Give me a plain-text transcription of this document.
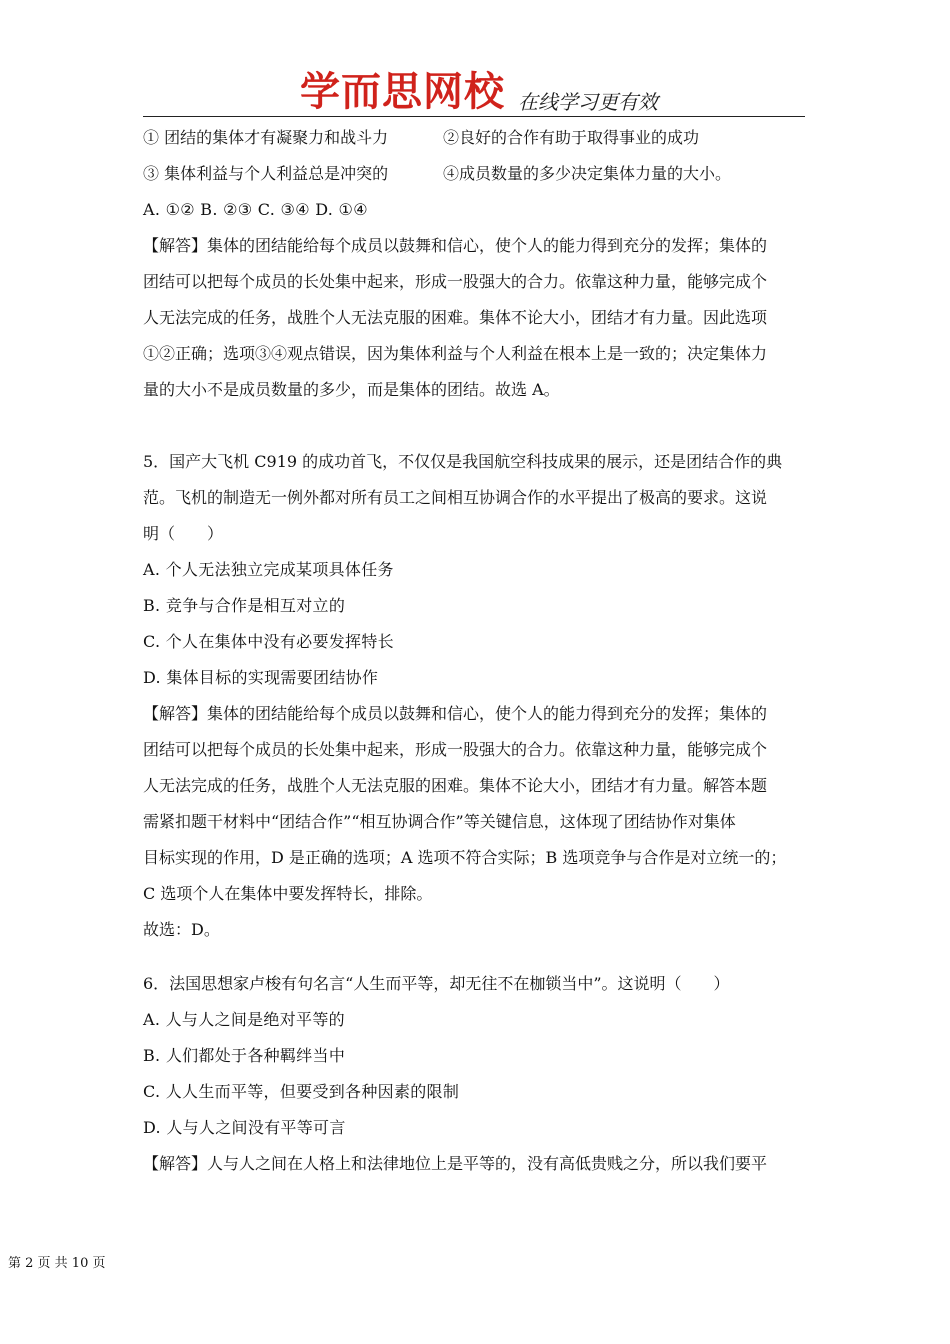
学而思网校 在线学习更有效
① 团结的集体才有凝聚力和战斗力	②良好的合作有助于取得事业的成功
③ 集体利益与个人利益总是冲突的	④成员数量的多少决定集体力量的大小。
A. ①② B. ②③ C. ③④ D. ①④
【解答】集体的团结能给每个成员以鼓舞和信心，使个人的能力得到充分的发挥；集体的
团结可以把每个成员的长处集中起来，形成一股强大的合力。依靠这种力量，能够完成个
人无法完成的任务，战胜个人无法克服的困难。集体不论大小，团结才有力量。因此选项
①②正确；选项③④观点错误，因为集体利益与个人利益在根本上是一致的；决定集体力
量的大小不是成员数量的多少，而是集体的团结。故选 A。
5．国产大飞机 C919 的成功首飞，不仅仅是我国航空科技成果的展示，还是团结合作的典
范。飞机的制造无一例外都对所有员工之间相互协调合作的水平提出了极高的要求。这说
明（　　）
A. 个人无法独立完成某项具体任务
B. 竞争与合作是相互对立的
C. 个人在集体中没有必要发挥特长
D. 集体目标的实现需要团结协作
【解答】集体的团结能给每个成员以鼓舞和信心，使个人的能力得到充分的发挥；集体的
团结可以把每个成员的长处集中起来，形成一股强大的合力。依靠这种力量，能够完成个
人无法完成的任务，战胜个人无法克服的困难。集体不论大小，团结才有力量。解答本题
需紧扣题干材料中“团结合作”“相互协调合作”等关键信息，这体现了团结协作对集体
目标实现的作用，D 是正确的选项；A 选项不符合实际；B 选项竞争与合作是对立统一的；
C 选项个人在集体中要发挥特长，排除。
故选：D。
6．法国思想家卢梭有句名言“人生而平等，却无往不在枷锁当中”。这说明（　　）
A. 人与人之间是绝对平等的
B. 人们都处于各种羁绊当中
C. 人人生而平等，但要受到各种因素的限制
D. 人与人之间没有平等可言
【解答】人与人之间在人格上和法律地位上是平等的，没有高低贵贱之分，所以我们要平
第 2 页 共 10 页
